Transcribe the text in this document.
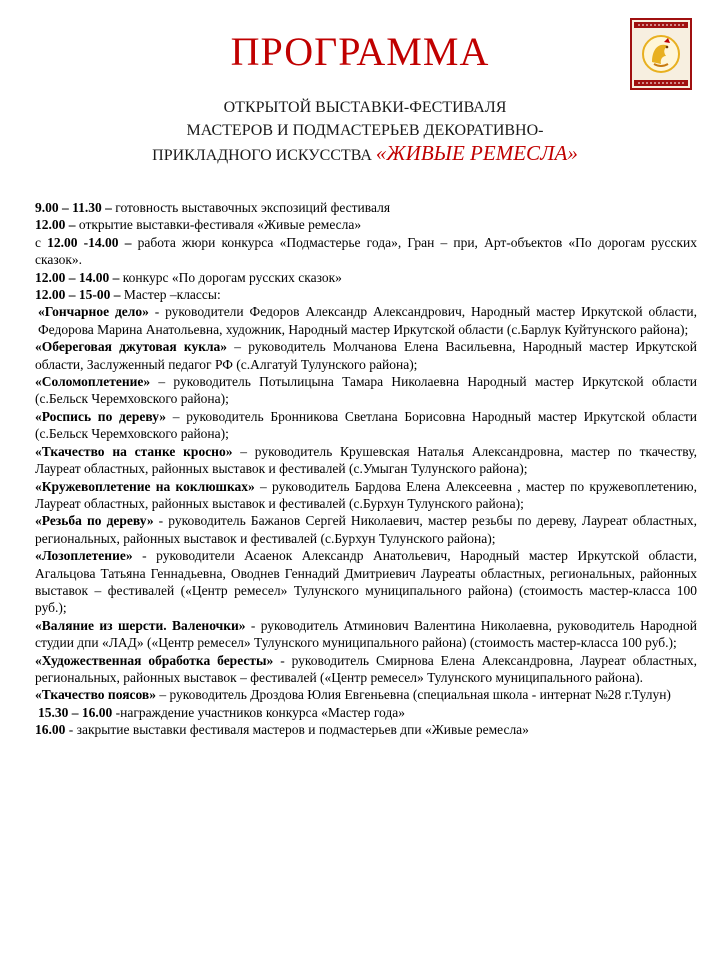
ПРОГРАММА
ОТКРЫТОЙ ВЫСТАВКИ-ФЕСТИВАЛЯ
МАСТЕРОВ И ПОДМАСТЕРЬЕВ ДЕКОРАТИВНО-
ПРИКЛАДНОГО ИСКУССТВА «ЖИВЫЕ РЕМЕСЛА»

9.00 – 11.30 – готовность выставочных экспозиций фестиваля

12.00 – открытие выставки-фестиваля «Живые ремесла»

с 12.00 -14.00 – работа жюри конкурса «Подмастерье года», Гран – при, Арт-объектов «По дорогам русских сказок».

12.00 – 14.00 – конкурс «По дорогам русских сказок»

12.00 – 15-00 – Мастер –классы:

«Гончарное дело» - руководители Федоров Александр Александрович, Народный мастер Иркутской области, Федорова Марина Анатольевна, художник, Народный мастер Иркутской области (с.Барлук Куйтунского района);

«Обереговая джутовая кукла» – руководитель Молчанова Елена Васильевна, Народный мастер Иркутской области, Заслуженный педагог РФ (с.Алгатуй Тулунского района);

«Соломоплетение» – руководитель Потылицына Тамара Николаевна Народный мастер Иркутской области (с.Бельск Черемховского района);

«Роспись по дереву» – руководитель Бронникова Светлана Борисовна Народный мастер Иркутской области (с.Бельск Черемховского района);

«Ткачество на станке кросно» – руководитель Крушевская Наталья Александровна, мастер по ткачеству, Лауреат областных, районных выставок и фестивалей (с.Умыган Тулунского района);

«Кружевоплетение на коклюшках» – руководитель Бардова Елена Алексеевна , мастер по кружевоплетению, Лауреат областных, районных выставок и фестивалей (с.Бурхун Тулунского района);

«Резьба по дереву» - руководитель Бажанов Сергей Николаевич, мастер резьбы по дереву, Лауреат областных, региональных, районных выставок и фестивалей (с.Бурхун Тулунского района);

«Лозоплетение» - руководители Асаенок Александр Анатольевич, Народный мастер Иркутской области, Агальцова Татьяна Геннадьевна, Оводнев Геннадий Дмитриевич Лауреаты областных, региональных, районных выставок – фестивалей («Центр ремесел» Тулунского муниципального района) (стоимость мастер-класса 100 руб.);

«Валяние из шерсти. Валеночки» - руководитель Атминович Валентина Николаевна, руководитель Народной студии дпи «ЛАД» («Центр ремесел» Тулунского муниципального района) (стоимость мастер-класса 100 руб.);

«Художественная обработка бересты» - руководитель Смирнова Елена Александровна, Лауреат областных, региональных, районных выставок – фестивалей («Центр ремесел» Тулунского муниципального района).

«Ткачество поясов» – руководитель Дроздова Юлия Евгеньевна (специальная школа - интернат №28 г.Тулун)

15.30 – 16.00 -награждение участников конкурса «Мастер года»

16.00 - закрытие выставки фестиваля мастеров и подмастерьев дпи «Живые ремесла»
